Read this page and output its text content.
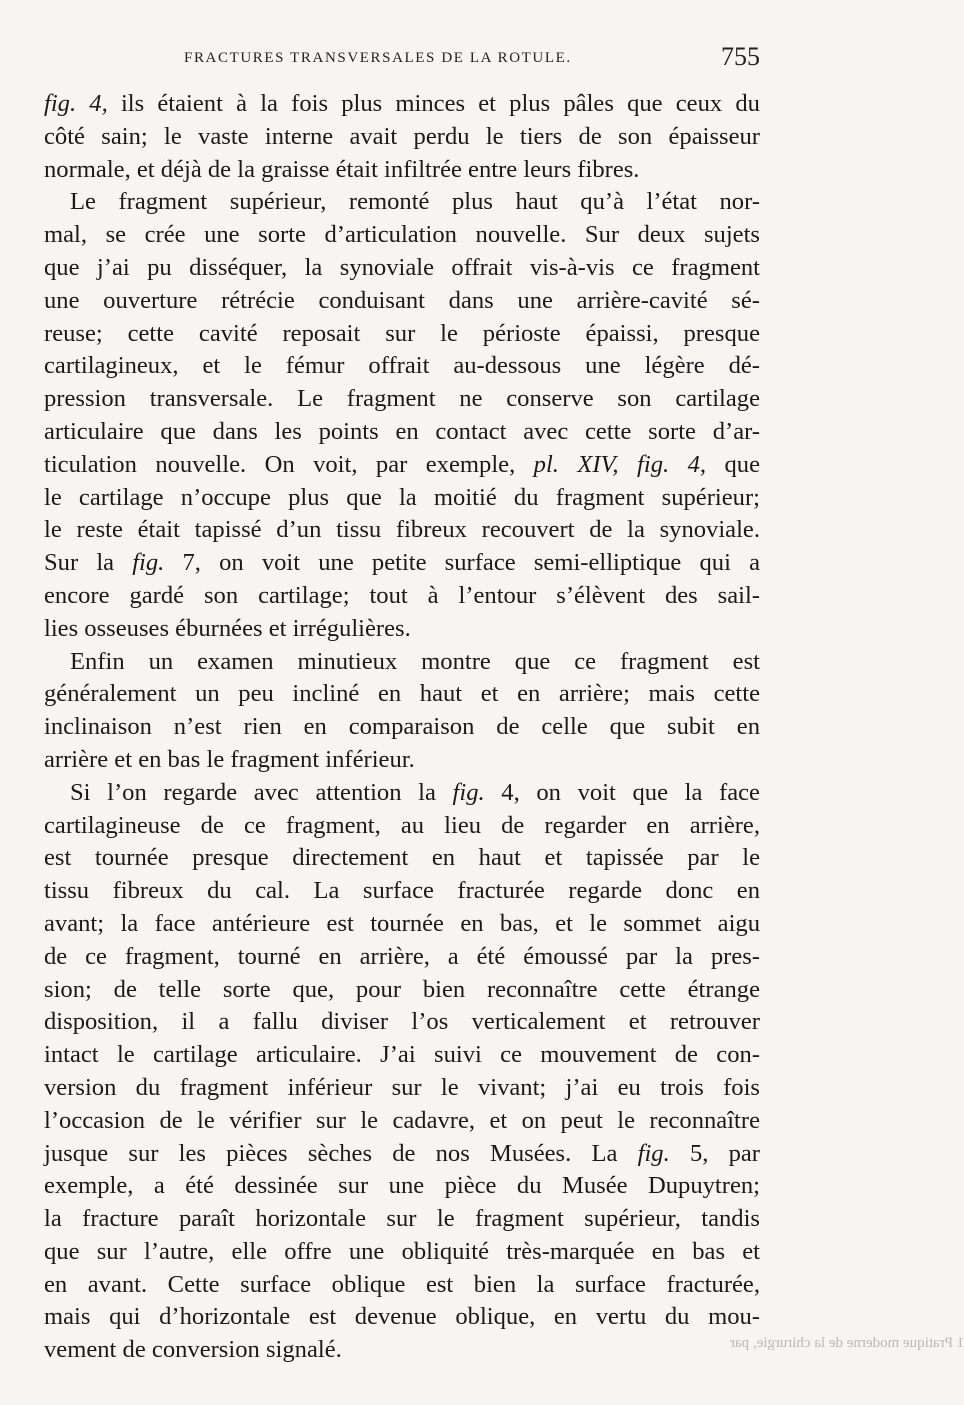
FRACTURES TRANSVERSALES DE LA ROTULE.	755
fig. 4, ils étaient à la fois plus minces et plus pâles que ceux du
côté sain; le vaste interne avait perdu le tiers de son épaisseur
normale, et déjà de la graisse était infiltrée entre leurs fibres.
Le fragment supérieur, remonté plus haut qu’à l’état nor-
mal, se crée une sorte d’articulation nouvelle. Sur deux sujets
que j’ai pu disséquer, la synoviale offrait vis-à-vis ce fragment
une ouverture rétrécie conduisant dans une arrière-cavité sé-
reuse; cette cavité reposait sur le périoste épaissi, presque
cartilagineux, et le fémur offrait au-dessous une légère dé-
pression transversale. Le fragment ne conserve son cartilage
articulaire que dans les points en contact avec cette sorte d’ar-
ticulation nouvelle. On voit, par exemple, pl. XIV, fig. 4, que
le cartilage n’occupe plus que la moitié du fragment supérieur;
le reste était tapissé d’un tissu fibreux recouvert de la synoviale.
Sur la fig. 7, on voit une petite surface semi-elliptique qui a
encore gardé son cartilage; tout à l’entour s’élèvent des sail-
lies osseuses éburnées et irrégulières.
Enfin un examen minutieux montre que ce fragment est
généralement un peu incliné en haut et en arrière; mais cette
inclinaison n’est rien en comparaison de celle que subit en
arrière et en bas le fragment inférieur.
Si l’on regarde avec attention la fig. 4, on voit que la face
cartilagineuse de ce fragment, au lieu de regarder en arrière,
est tournée presque directement en haut et tapissée par le
tissu fibreux du cal. La surface fracturée regarde donc en
avant; la face antérieure est tournée en bas, et le sommet aigu
de ce fragment, tourné en arrière, a été émoussé par la pres-
sion; de telle sorte que, pour bien reconnaître cette étrange
disposition, il a fallu diviser l’os verticalement et retrouver
intact le cartilage articulaire. J’ai suivi ce mouvement de con-
version du fragment inférieur sur le vivant; j’ai eu trois fois
l’occasion de le vérifier sur le cadavre, et on peut le reconnaître
jusque sur les pièces sèches de nos Musées. La fig. 5, par
exemple, a été dessinée sur une pièce du Musée Dupuytren;
la fracture paraît horizontale sur le fragment supérieur, tandis
que sur l’autre, elle offre une obliquité très-marquée en bas et
en avant. Cette surface oblique est bien la surface fracturée,
mais qui d’horizontale est devenue oblique, en vertu du mou-
vement de conversion signalé.	1 Pratique moderne de la chirurgie, par
